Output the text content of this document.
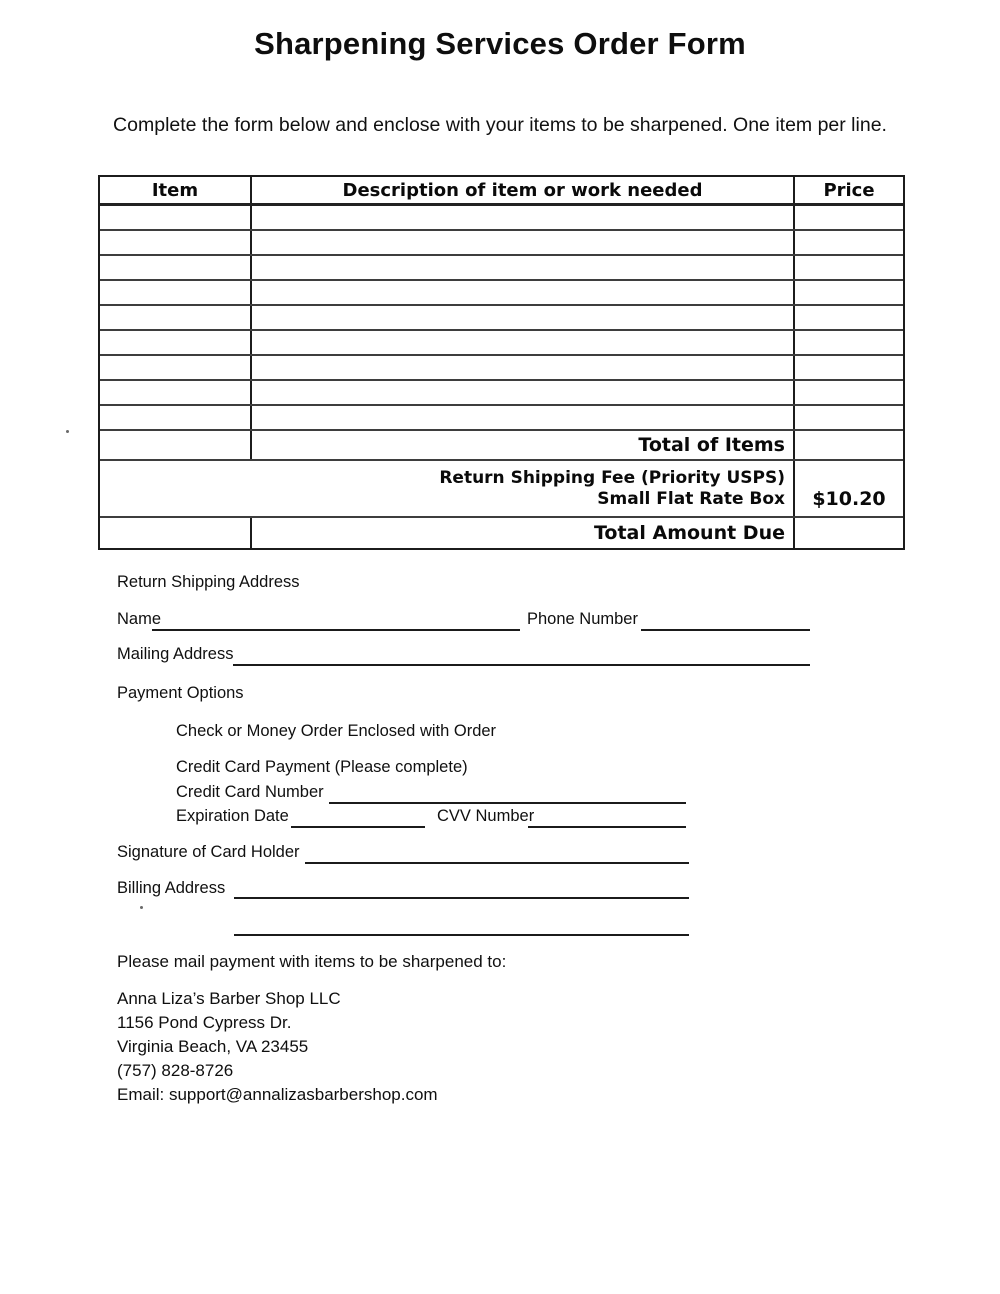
Sharpening Services Order Form
Complete the form below and enclose with your items to be sharpened. One item per line.
Item	Description of item or work needed	Price
Total of Items
Return Shipping Fee (Priority USPS)
Small Flat Rate Box $10.20
Total Amount Due
Return Shipping Address
Name	Phone Number
Mailing Address
Payment Options
Check or Money Order Enclosed with Order
Credit Card Payment (Please complete)
Credit Card Number
Expiration Date	CVV Number
Signature of Card Holder
Billing Address
Please mail payment with items to be sharpened to:
Anna Liza’s Barber Shop LLC
1156 Pond Cypress Dr.
Virginia Beach, VA 23455
(757) 828-8726
Email: support@annalizasbarbershop.com
